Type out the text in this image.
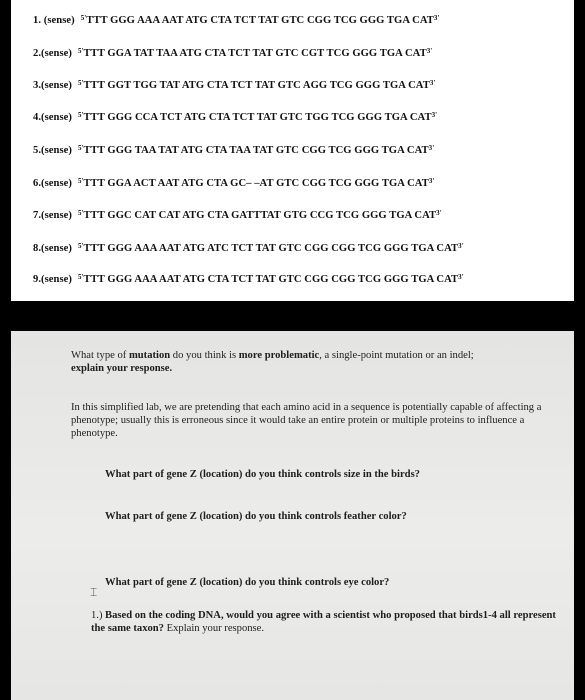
1. (sense) $^{5'}$TTT GGG AAA AAT ATG CTA TCT TAT GTC CGG TCG GGG TGA $CAT^{3'}$
2.(sense) $^{5'}$TTT GGA TAT TAA ATG CTA TCT TAT GTC CGT TCG GGG TGA $CAT^{3'}$
3.(sense) $^{5'}$TTT GGT TGG TAT ATG CTA TCT TAT GTC AGG TCG GGG TGA $CAT^{3'}$
4.(sense) $^{5'}$TTT GGG CCA TCT ATG CTA TCT TAT GTC TGG TCG GGG TGA $CAT^{3'}$
5.(sense) $^{5'}$TTT GGG TAA TAT ATG CTA TAA TAT GTC CGG TCG GGG TGA $CAT^{3'}$
6.(sense) $^{5'}$TTT GGA ACT AAT ATG CTA GC– –AT GTC CGG TCG GGG TGA $CAT^{3'}$
7.(sense) $^{5'}$TTT GGC CAT CAT ATG CTA GATTTAT GTG CCG TCG GGG TGA $CAT^{3'}$
8.(sense) $^{5'}$TTT GGG AAA AAT ATG ATC TCT TAT GTC CGG CGG TCG GGG TGA $CAT^{3'}$
9.(sense) $^{5'}$TTT GGG AAA AAT ATG CTA TCT TAT GTC CGG CGG TCG GGG TGA $CAT^{3'}$
What type of mutation do you think is more problematic, a single-point mutation or an indel;
explain your response.
In this simplified lab, we are pretending that each amino acid in a sequence is potentially capable of affecting a phenotype; usually this is erroneous since it would take an entire protein or multiple proteins to influence a phenotype.
What part of gene Z (location) do you think controls size in the birds?
What part of gene Z (location) do you think controls feather color?
What part of gene Z (location) do you think controls eye color?
⌶
1.) Based on the coding DNA, would you agree with a scientist who proposed that birds1-4 all represent the same taxon? Explain your response.
